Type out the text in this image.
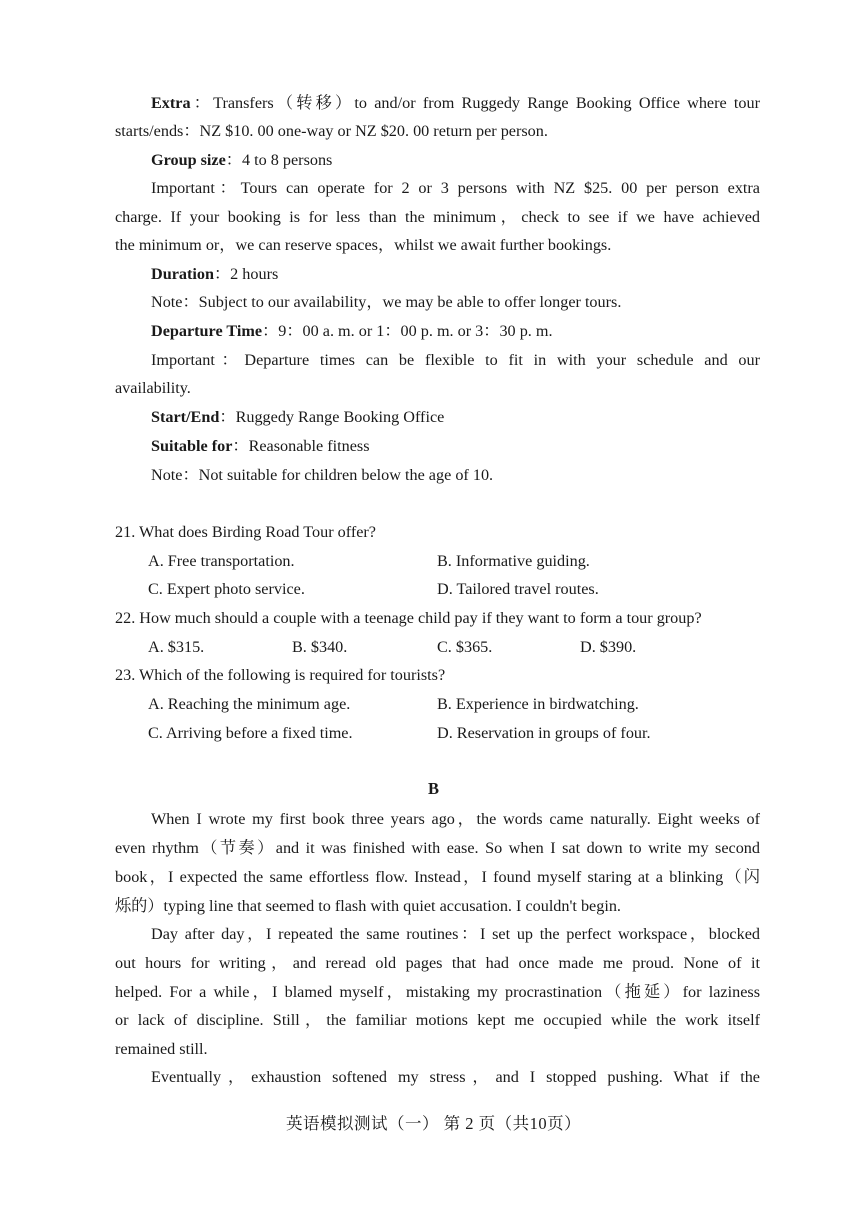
Extra：Transfers（转移）to and/or from Ruggedy Range Booking Office where tour
starts/ends：NZ $10. 00 one-way or NZ $20. 00 return per person.
Group size：4 to 8 persons
Important：Tours can operate for 2 or 3 persons with NZ $25. 00 per person extra
charge. If your booking is for less than the minimum，check to see if we have achieved
the minimum or，we can reserve spaces，whilst we await further bookings.
Duration：2 hours
Note：Subject to our availability，we may be able to offer longer tours.
Departure Time：9：00 a. m. or 1：00 p. m. or 3：30 p. m.
Important：Departure times can be flexible to fit in with your schedule and our
availability.
Start/End：Ruggedy Range Booking Office
Suitable for：Reasonable fitness
Note：Not suitable for children below the age of 10.
21. What does Birding Road Tour offer?
A. Free transportation.	B. Informative guiding.
C. Expert photo service.	D. Tailored travel routes.
22. How much should a couple with a teenage child pay if they want to form a tour group?
A. $315.	B. $340.	C. $365.	D. $390.
23. Which of the following is required for tourists?
A. Reaching the minimum age.	B. Experience in birdwatching.
C. Arriving before a fixed time.	D. Reservation in groups of four.
B
When I wrote my first book three years ago，the words came naturally. Eight weeks of
even rhythm（节奏）and it was finished with ease. So when I sat down to write my second
book，I expected the same effortless flow. Instead，I found myself staring at a blinking（闪
烁的）typing line that seemed to flash with quiet accusation. I couldn't begin.
Day after day，I repeated the same routines：I set up the perfect workspace，blocked
out hours for writing，and reread old pages that had once made me proud. None of it
helped. For a while，I blamed myself，mistaking my procrastination（拖延）for laziness
or lack of discipline. Still，the familiar motions kept me occupied while the work itself
remained still.
Eventually，exhaustion softened my stress，and I stopped pushing. What if the
英语模拟测试（一） 第 2 页（共10页）
